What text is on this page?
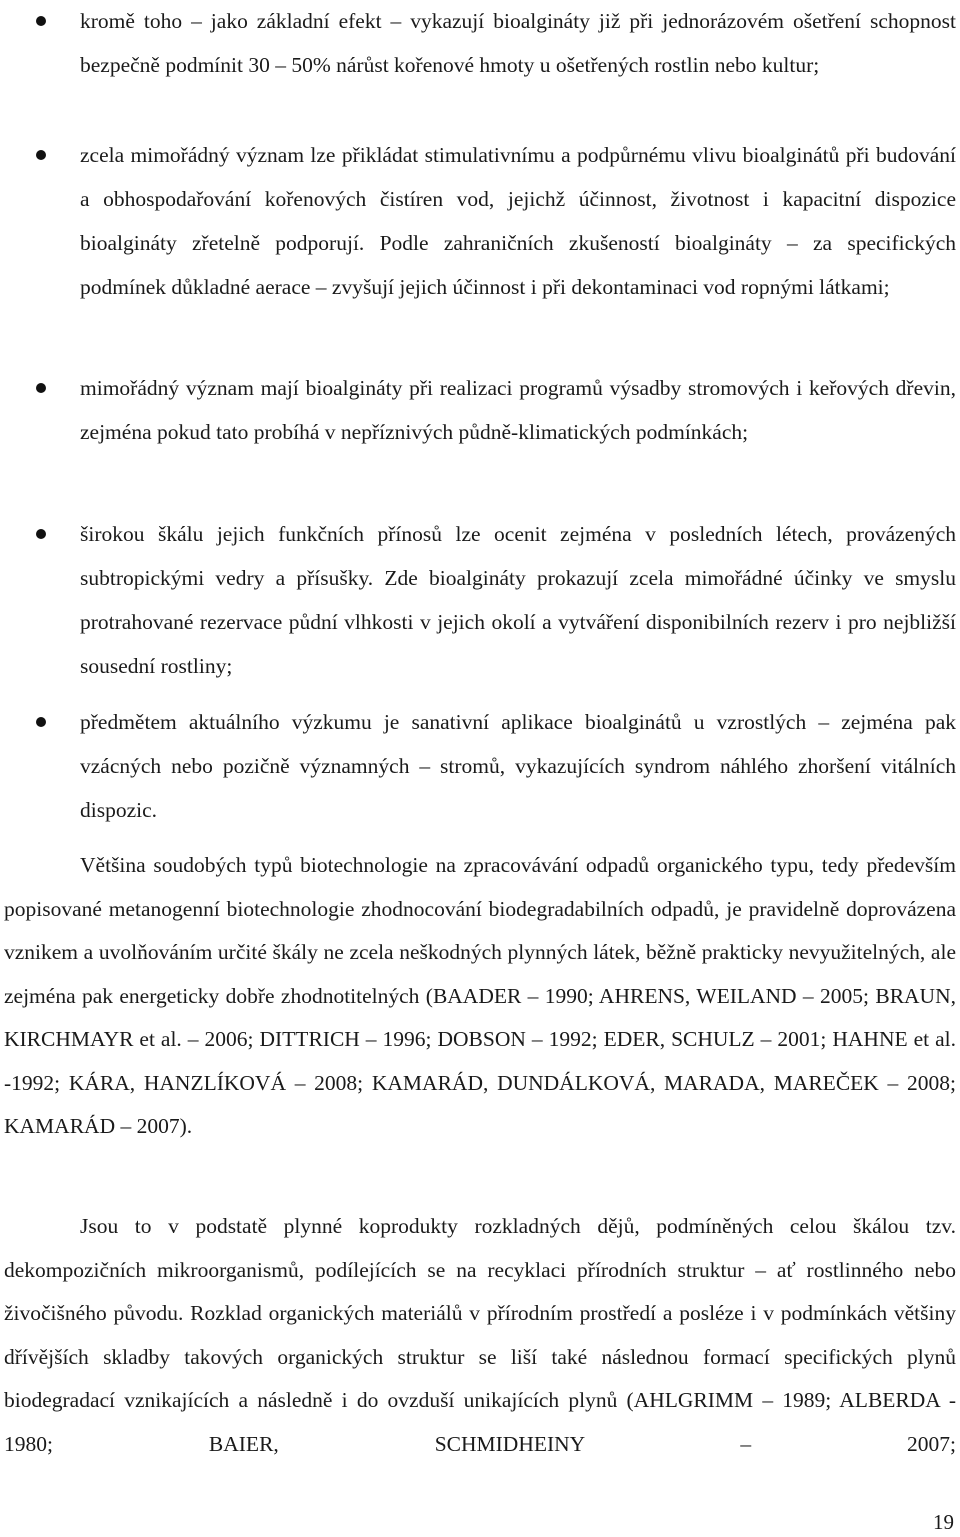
kromě toho – jako základní efekt – vykazují bioalgináty již při jednorázovém ošetření schopnost bezpečně podmínit 30 – 50% nárůst kořenové hmoty u ošetřených rostlin nebo kultur;
zcela mimořádný význam lze přikládat stimulativnímu a podpůrnému vlivu bioalginátů při budování a obhospodařování kořenových čistíren vod, jejichž účinnost, životnost i kapacitní dispozice bioalgináty zřetelně podporují. Podle zahraničních zkušeností bioalgináty – za specifických podmínek důkladné aerace – zvyšují jejich účinnost i při dekontaminaci vod ropnými látkami;
mimořádný význam mají bioalgináty při realizaci programů výsadby stromových i keřových dřevin, zejména pokud tato probíhá v nepříznivých půdně-klimatických podmínkách;
širokou škálu jejich funkčních přínosů lze ocenit zejména v posledních létech, provázených subtropickými vedry a přísušky. Zde bioalgináty prokazují zcela mimořádné účinky ve smyslu protrahované rezervace půdní vlhkosti v jejich okolí a vytváření disponibilních rezerv i pro nejbližší sousední rostliny;
předmětem aktuálního výzkumu je sanativní aplikace bioalginátů u vzrostlých – zejména pak vzácných nebo pozičně významných – stromů, vykazujících syndrom náhlého zhoršení vitálních dispozic.

Většina soudobých typů biotechnologie na zpracovávání odpadů organického typu, tedy především popisované metanogenní biotechnologie zhodnocování biodegradabilních odpadů, je pravidelně doprovázena vznikem a uvolňováním určité škály ne zcela neškodných plynných látek, běžně prakticky nevyužitelných, ale zejména pak energeticky dobře zhodnotitelných (BAADER – 1990; AHRENS, WEILAND – 2005; BRAUN, KIRCHMAYR et al. – 2006; DITTRICH – 1996; DOBSON – 1992; EDER, SCHULZ – 2001; HAHNE et al. -1992; KÁRA, HANZLÍKOVÁ – 2008; KAMARÁD, DUNDÁLKOVÁ, MARADA, MAREČEK – 2008; KAMARÁD – 2007).

Jsou to v podstatě plynné koprodukty rozkladných dějů, podmíněných celou škálou tzv. dekompozičních mikroorganismů, podílejících se na recyklaci přírodních struktur – ať rostlinného nebo živočišného původu. Rozklad organických materiálů v přírodním prostředí a posléze i v podmínkách většiny dřívějších skladby takových organických struktur se liší také následnou formací specifických plynů biodegradací vznikajících a následně i do ovzduší unikajících plynů (AHLGRIMM – 1989; ALBERDA - 1980; BAIER, SCHMIDHEINY – 2007;

19
